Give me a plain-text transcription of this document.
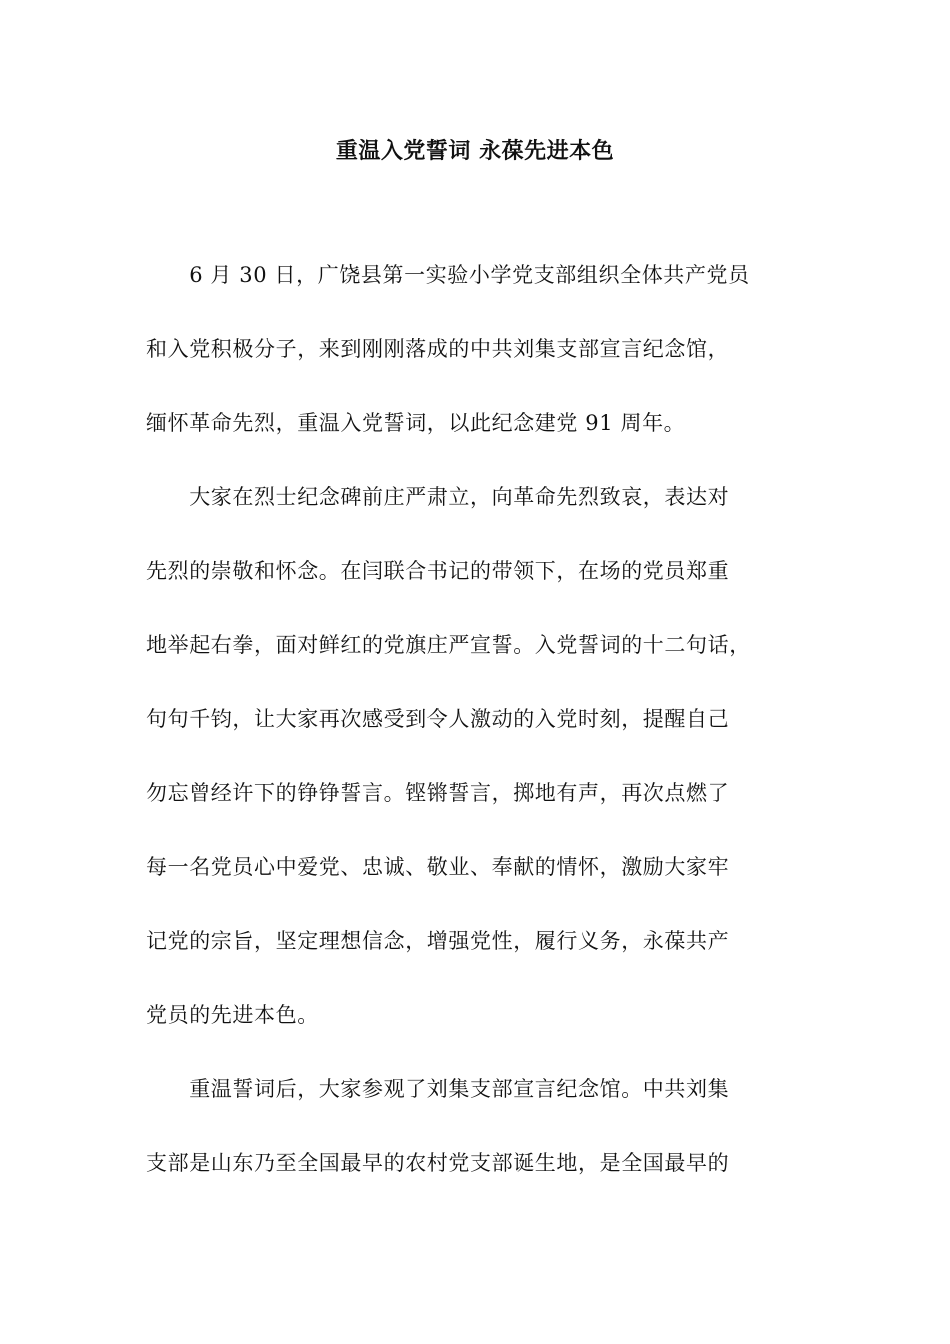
重温入党誓词 永葆先进本色
　　6 月 30 日，广饶县第一实验小学党支部组织全体共产党员
和入党积极分子，来到刚刚落成的中共刘集支部宣言纪念馆，
缅怀革命先烈，重温入党誓词，以此纪念建党 91 周年。
　　大家在烈士纪念碑前庄严肃立，向革命先烈致哀，表达对
先烈的崇敬和怀念。在闫联合书记的带领下，在场的党员郑重
地举起右拳，面对鲜红的党旗庄严宣誓。入党誓词的十二句话，
句句千钧，让大家再次感受到令人激动的入党时刻，提醒自己
勿忘曾经许下的铮铮誓言。铿锵誓言，掷地有声，再次点燃了
每一名党员心中爱党、忠诚、敬业、奉献的情怀，激励大家牢
记党的宗旨，坚定理想信念，增强党性，履行义务，永葆共产
党员的先进本色。
　　重温誓词后，大家参观了刘集支部宣言纪念馆。中共刘集
支部是山东乃至全国最早的农村党支部诞生地，是全国最早的
